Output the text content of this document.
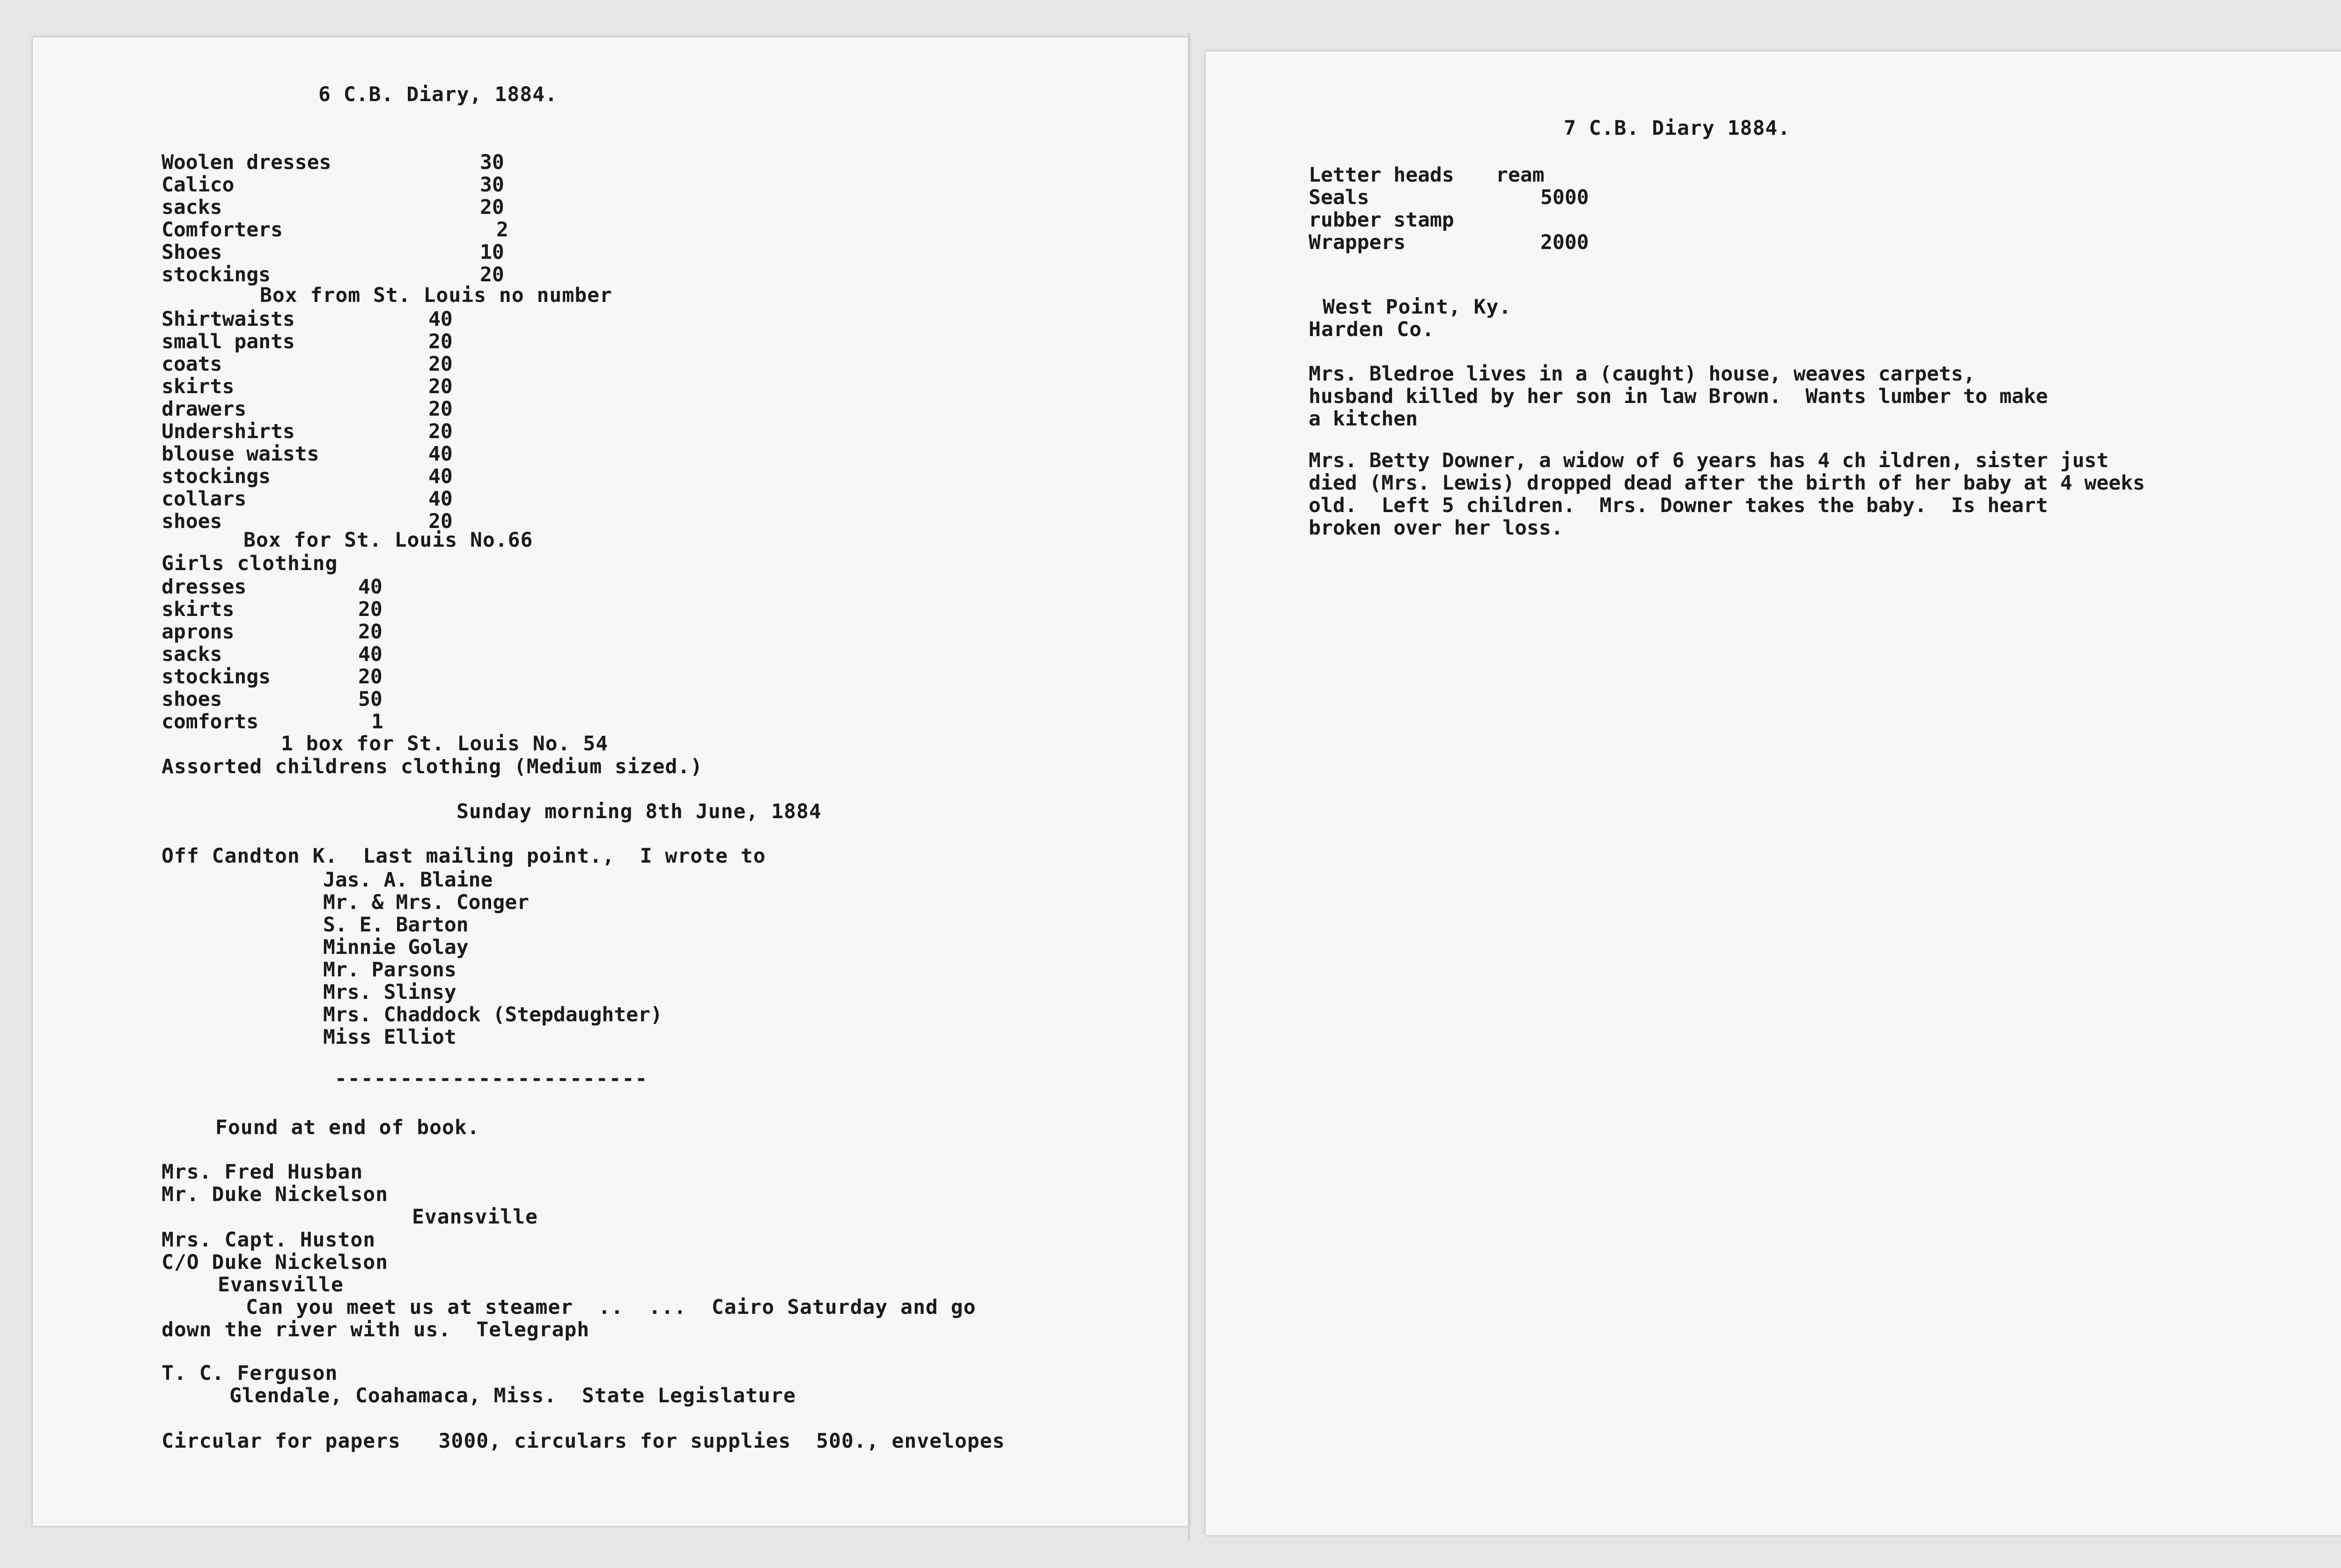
6 C.B. Diary, 1884.
Woolen dresses
Calico
sacks
Comforters
Shoes
stockings
30
30
20
2
10
20
Box from St. Louis no number
Shirtwaists
small pants
coats
skirts
drawers
Undershirts
blouse waists
stockings
collars
shoes
40
20
20
20
20
20
40
40
40
20
Box for St. Louis No.66
Girls clothing
dresses
skirts
aprons
sacks
stockings
shoes
comforts
40
20
20
40
20
50
1
1 box for St. Louis No. 54
Assorted childrens clothing (Medium sized.)
Sunday morning 8th June, 1884
Off Candton K.  Last mailing point.,  I wrote to
Jas. A. Blaine
Mr. & Mrs. Conger
S. E. Barton
Minnie Golay
Mr. Parsons
Mrs. Slinsy
Mrs. Chaddock (Stepdaughter)
Miss Elliot
------------------------
Found at end of book.
Mrs. Fred Husban
Mr. Duke Nickelson
Evansville
Mrs. Capt. Huston
C/O Duke Nickelson
Evansville
Can you meet us at steamer  ..  ...  Cairo Saturday and go
down the river with us.  Telegraph
T. C. Ferguson
Glendale, Coahamaca, Miss.  State Legislature
Circular for papers   3000, circulars for supplies  500., envelopes
7 C.B. Diary 1884.
Letter heads
Seals
rubber stamp
Wrappers
ream
5000
2000
West Point, Ky.
Harden Co.
Mrs. Bledroe lives in a (caught) house, weaves carpets,
husband killed by her son in law Brown.  Wants lumber to make
a kitchen
Mrs. Betty Downer, a widow of 6 years has 4 ch ildren, sister just
died (Mrs. Lewis) dropped dead after the birth of her baby at 4 weeks
old.  Left 5 children.  Mrs. Downer takes the baby.  Is heart
broken over her loss.
